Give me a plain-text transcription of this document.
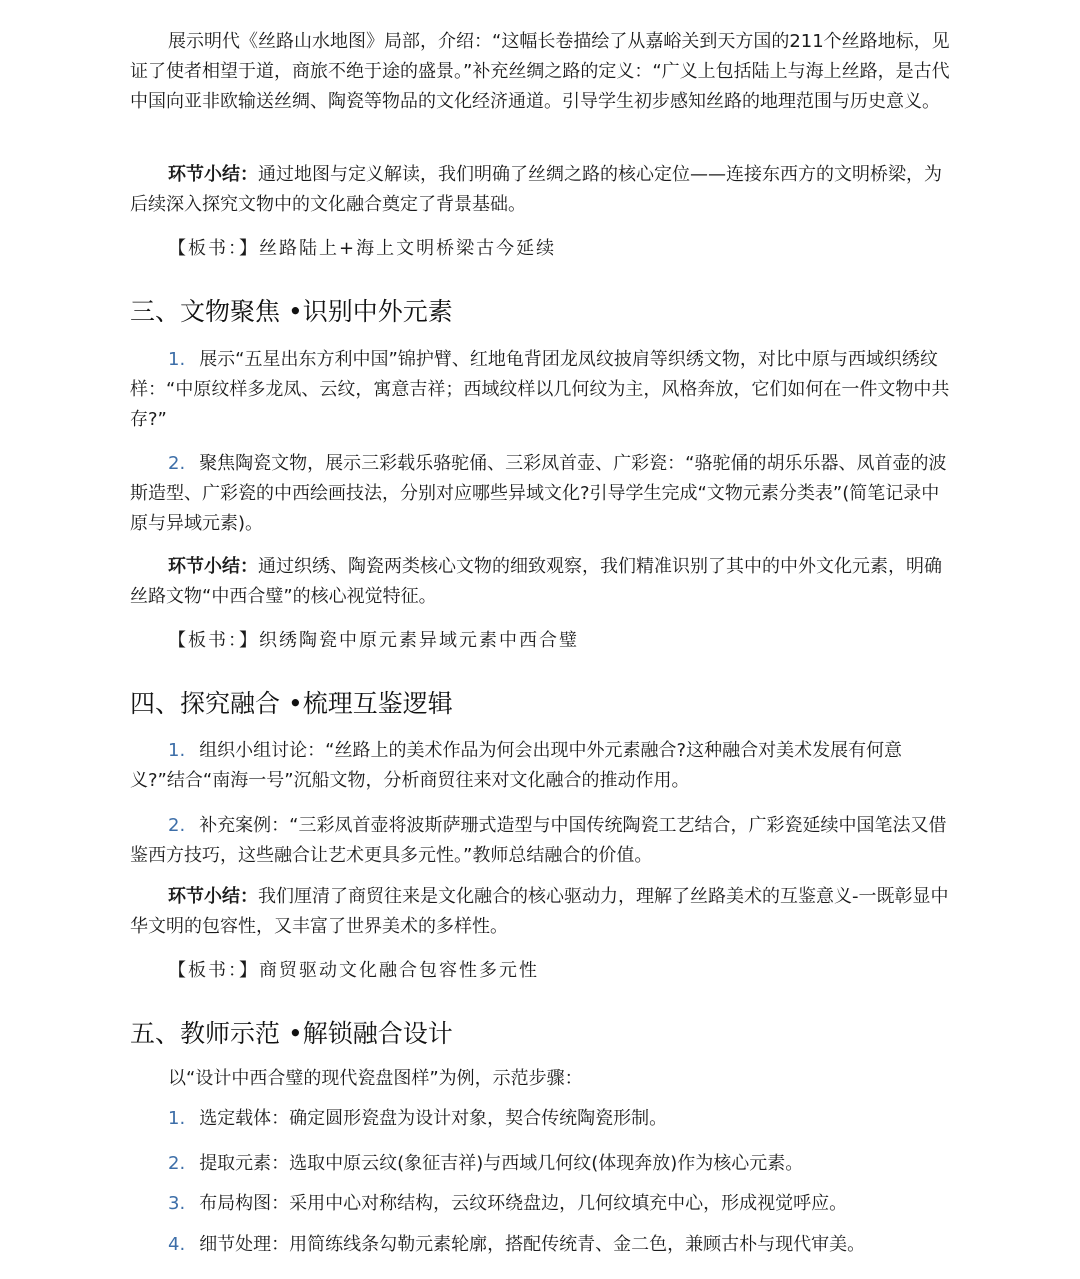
展示明代《丝路山水地图》局部，介绍：“这幅长卷描绘了从嘉峪关到天方国的211个丝路地标，见证了使者相望于道，商旅不绝于途的盛景。”补充丝绸之路的定义：“广义上包括陆上与海上丝路，是古代中国向亚非欧输送丝绸、陶瓷等物品的文化经济通道。引导学生初步感知丝路的地理范围与历史意义。

环节小结：通过地图与定义解读，我们明确了丝绸之路的核心定位——连接东西方的文明桥梁，为后续深入探究文物中的文化融合奠定了背景基础。

【板书：】丝路陆上+海上文明桥梁古今延续
三、文物聚焦 •识别中外元素

1. 展示“五星出东方利中国”锦护臂、红地龟背团龙凤纹披肩等织绣文物，对比中原与西域织绣纹样：“中原纹样多龙凤、云纹，寓意吉祥；西域纹样以几何纹为主，风格奔放，它们如何在一件文物中共存?”

2. 聚焦陶瓷文物，展示三彩载乐骆驼俑、三彩凤首壶、广彩瓷：“骆驼俑的胡乐乐器、凤首壶的波斯造型、广彩瓷的中西绘画技法，分别对应哪些异域文化?引导学生完成“文物元素分类表”(简笔记录中原与异域元素)。

环节小结：通过织绣、陶瓷两类核心文物的细致观察，我们精准识别了其中的中外文化元素，明确丝路文物“中西合璧”的核心视觉特征。

【板书：】织绣陶瓷中原元素异域元素中西合璧
四、探究融合 •梳理互鉴逻辑

1. 组织小组讨论：“丝路上的美术作品为何会出现中外元素融合?这种融合对美术发展有何意义?”结合“南海一号”沉船文物，分析商贸往来对文化融合的推动作用。

2. 补充案例：“三彩凤首壶将波斯萨珊式造型与中国传统陶瓷工艺结合，广彩瓷延续中国笔法又借鉴西方技巧，这些融合让艺术更具多元性。”教师总结融合的价值。

环节小结：我们厘清了商贸往来是文化融合的核心驱动力，理解了丝路美术的互鉴意义-一既彰显中华文明的包容性，又丰富了世界美术的多样性。

【板书：】商贸驱动文化融合包容性多元性
五、教师示范 •解锁融合设计
以“设计中西合璧的现代瓷盘图样”为例，示范步骤：
1. 选定载体：确定圆形瓷盘为设计对象，契合传统陶瓷形制。
2. 提取元素：选取中原云纹(象征吉祥)与西域几何纹(体现奔放)作为核心元素。
3. 布局构图：采用中心对称结构，云纹环绕盘边，几何纹填充中心，形成视觉呼应。
4. 细节处理：用简练线条勾勒元素轮廓，搭配传统青、金二色，兼顾古朴与现代审美。
